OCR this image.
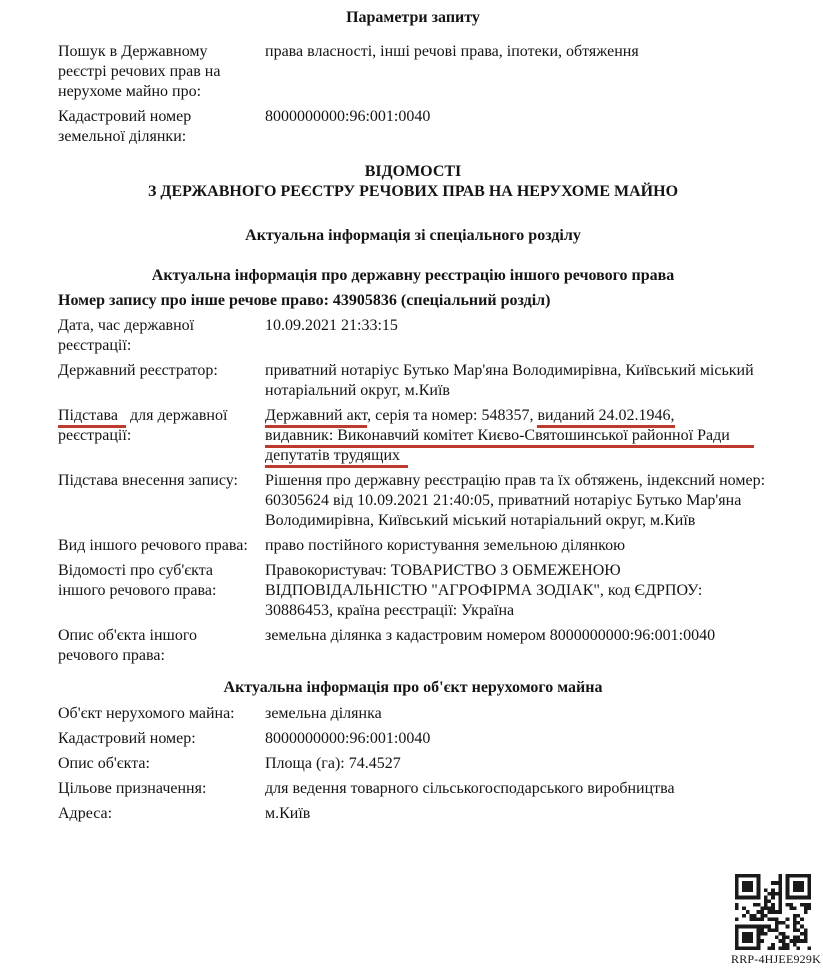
Параметри запиту
Пошук в Державному реєстрі речових прав на нерухоме майно про:
права власності, інші речові права, іпотеки, обтяження
Кадастровий номер земельної ділянки:
8000000000:96:001:0040
ВІДОМОСТІ
З ДЕРЖАВНОГО РЕЄСТРУ РЕЧОВИХ ПРАВ НА НЕРУХОМЕ МАЙНО
Актуальна інформація зі спеціального розділу
Актуальна інформація про державну реєстрацію іншого речового права
Номер запису про інше речове право: 43905836 (спеціальний розділ)
Дата, час державної реєстрації:
10.09.2021 21:33:15
Державний реєстратор:	приватний нотаріус Бутько Мар'яна Володимирівна, Київський міський нотаріальний округ, м.Київ
Підстава для державної реєстрації:
Державний акт, серія та номер: 548357, виданий 24.02.1946,
видавник: Виконавчий комітет Києво-Святошинської районної Ради
депутатів трудящих
Підстава внесення запису:	Рішення про державну реєстрацію прав та їх обтяжень, індексний номер: 60305624 від 10.09.2021 21:40:05, приватний нотаріус Бутько Мар'яна Володимирівна, Київський міський нотаріальний округ, м.Київ
Вид іншого речового права:	право постійного користування земельною ділянкою
Відомості про суб'єкта іншого речового права:
Правокористувач: ТОВАРИСТВО З ОБМЕЖЕНОЮ ВІДПОВІДАЛЬНІСТЮ "АГРОФІРМА ЗОДІАК", код ЄДРПОУ: 30886453, країна реєстрації: Україна
Опис об'єкта іншого речового права:
земельна ділянка з кадастровим номером 8000000000:96:001:0040
Актуальна інформація про об'єкт нерухомого майна
Об'єкт нерухомого майна:	земельна ділянка
Кадастровий номер:	8000000000:96:001:0040
Опис об'єкта:	Площа (га): 74.4527
Цільове призначення:	для ведення товарного сільськогосподарського виробництва
Адреса:	м.Київ
RRP-4HJEE929K
